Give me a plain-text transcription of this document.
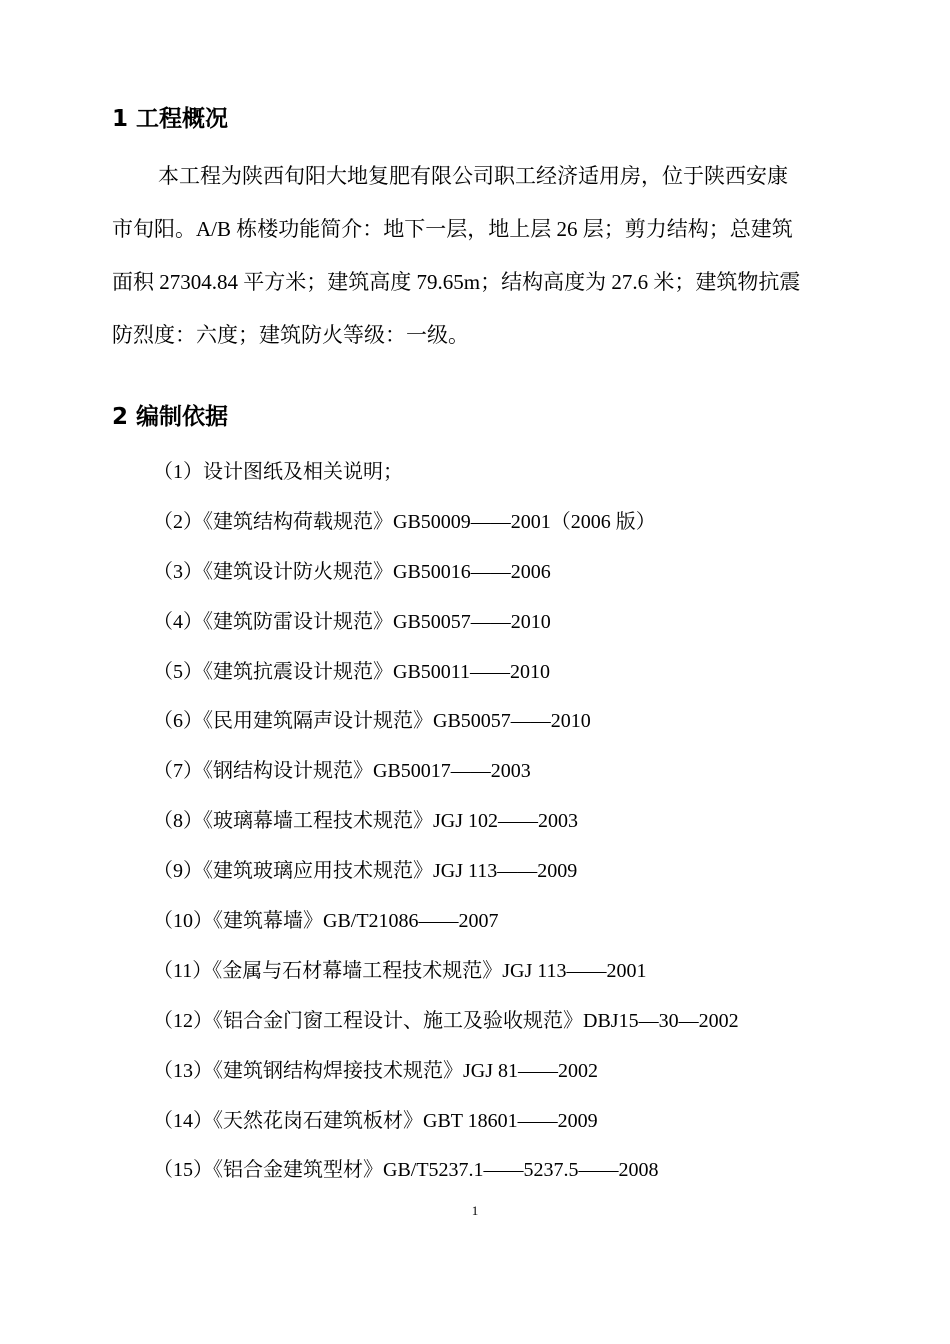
1 工程概况
本工程为陕西旬阳大地复肥有限公司职工经济适用房，位于陕西安康
市旬阳。A/B 栋楼功能简介：地下一层，地上层 26 层；剪力结构；总建筑
面积 27304.84 平方米；建筑高度 79.65m；结构高度为 27.6 米；建筑物抗震
防烈度：六度；建筑防火等级：一级。
2 编制依据
（1）设计图纸及相关说明；
（2）《建筑结构荷载规范》GB50009——2001（2006 版）
（3）《建筑设计防火规范》GB50016——2006
（4）《建筑防雷设计规范》GB50057——2010
（5）《建筑抗震设计规范》GB50011——2010
（6）《民用建筑隔声设计规范》GB50057——2010
（7）《钢结构设计规范》GB50017——2003
（8）《玻璃幕墙工程技术规范》JGJ 102——2003
（9）《建筑玻璃应用技术规范》JGJ 113——2009
（10）《建筑幕墙》GB/T21086——2007
（11）《金属与石材幕墙工程技术规范》JGJ 113——2001
（12）《铝合金门窗工程设计、施工及验收规范》DBJ15—30—2002
（13）《建筑钢结构焊接技术规范》JGJ 81——2002
（14）《天然花岗石建筑板材》GBT 18601——2009
（15）《铝合金建筑型材》GB/T5237.1——5237.5——2008
1
